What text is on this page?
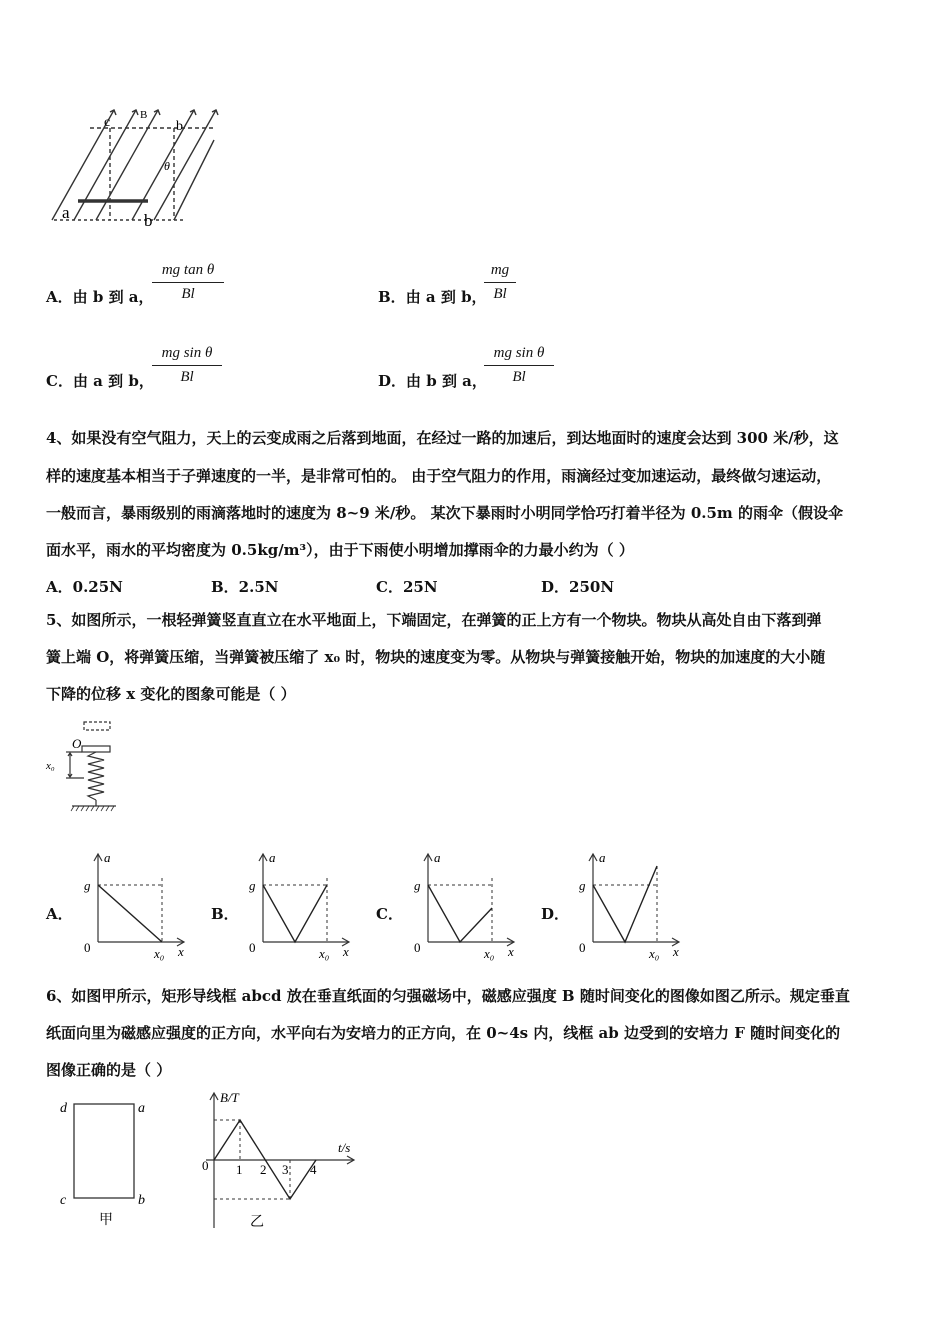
c	B
b
θ
a	b
A．由 b 到 a，
$\frac{\text{mg tan θ}}{Bl}$	B．由 a 到 b，
$\frac{mg}{Bl}$
C．由 a 到 b，
$\frac{\text{mg sin θ}}{Bl}$	D．由 b 到 a，
$\frac{\text{mg sin θ}}{Bl}$
4、如果没有空气阻力，天上的云变成雨之后落到地面，在经过一路的加速后，到达地面时的速度会达到 300 米/秒，这
样的速度基本相当于子弹速度的一半，是非常可怕的。 由于空气阻力的作用，雨滴经过变加速运动，最终做匀速运动，
一般而言，暴雨级别的雨滴落地时的速度为 8~9 米/秒。 某次下暴雨时小明同学恰巧打着半径为 0.5m 的雨伞（假设伞
面水平，雨水的平均密度为 0.5kg/m³），由于下雨使小明增加撑雨伞的力最小约为（ ）
A．0.25N	B．2.5N	C．25N	D．250N
5、如图所示，一根轻弹簧竖直直立在水平地面上，下端固定，在弹簧的正上方有一个物块。物块从高处自由下落到弹
簧上端 O，将弹簧压缩，当弹簧被压缩了 x₀ 时，物块的速度变为零。从物块与弹簧接触开始，物块的加速度的大小随
下降的位移 x 变化的图象可能是（ ）
O
x₀
A．
a
g
0	x
x₀
B．
a
g
0	x
x₀
C．
a
g
0	x
x₀
D．
a
g
0	x
x₀
6、如图甲所示，矩形导线框 abcd 放在垂直纸面的匀强磁场中，磁感应强度 B 随时间变化的图像如图乙所示。规定垂直
纸面向里为磁感应强度的正方向，水平向右为安培力的正方向，在 0~4s 内，线框 ab 边受到的安培力 F 随时间变化的
图像正确的是（ ）
d	a
c	b
甲
B/T
t/s
0 1 2 3 4
乙
